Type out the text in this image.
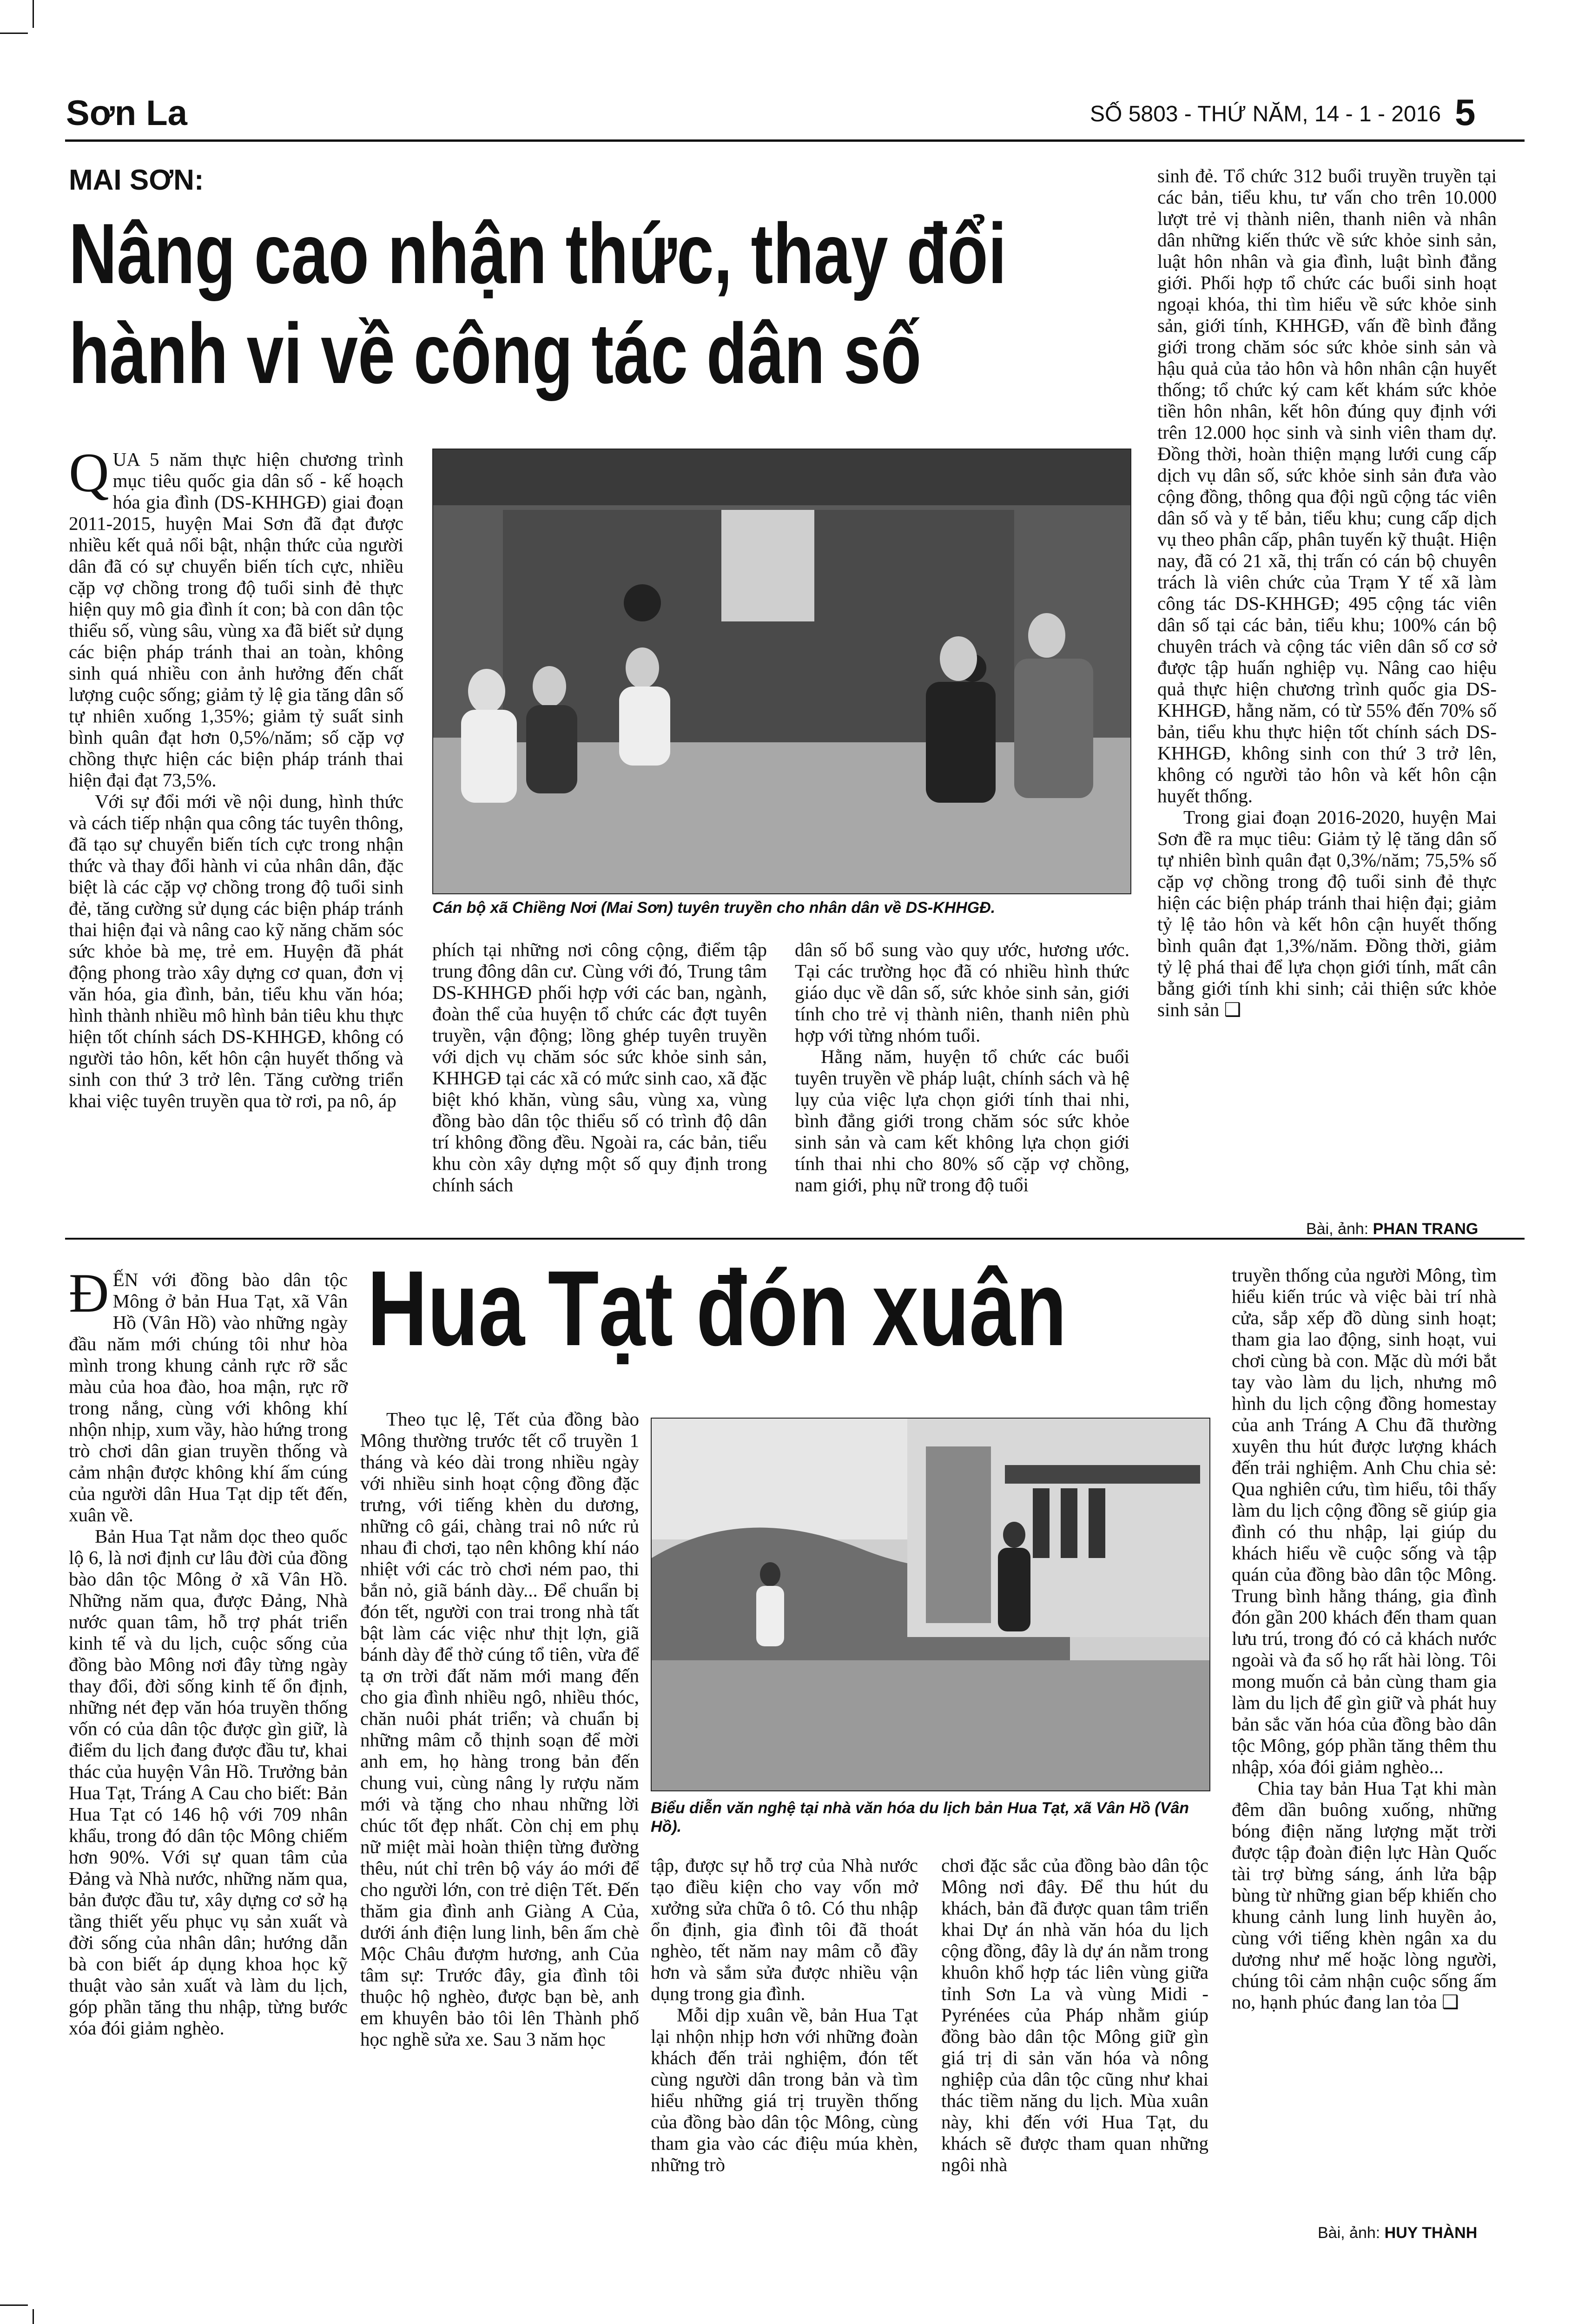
Sơn La	SỐ 5803 - THỨ NĂM, 14 - 1 - 2016 5
MAI SƠN:
Nâng cao nhận thức, thay đổi
hành vi về công tác dân số

QUA 5 năm thực hiện chương trình mục tiêu quốc gia dân số - kế hoạch hóa gia đình (DS-KHHGĐ) giai đoạn 2011-2015, huyện Mai Sơn đã đạt được nhiều kết quả nổi bật, nhận thức của người dân đã có sự chuyển biến tích cực, nhiều cặp vợ chồng trong độ tuổi sinh đẻ thực hiện quy mô gia đình ít con; bà con dân tộc thiểu số, vùng sâu, vùng xa đã biết sử dụng các biện pháp tránh thai an toàn, không sinh quá nhiều con ảnh hưởng đến chất lượng cuộc sống; giảm tỷ lệ gia tăng dân số tự nhiên xuống 1,35%; giảm tỷ suất sinh bình quân đạt hơn 0,5%/năm; số cặp vợ chồng thực hiện các biện pháp tránh thai hiện đại đạt 73,5%.

Với sự đổi mới về nội dung, hình thức và cách tiếp nhận qua công tác tuyên thông, đã tạo sự chuyển biến tích cực trong nhận thức và thay đổi hành vi của nhân dân, đặc biệt là các cặp vợ chồng trong độ tuổi sinh đẻ, tăng cường sử dụng các biện pháp tránh thai hiện đại và nâng cao kỹ năng chăm sóc sức khỏe bà mẹ, trẻ em. Huyện đã phát động phong trào xây dựng cơ quan, đơn vị văn hóa, gia đình, bản, tiểu khu văn hóa; hình thành nhiều mô hình bản tiêu khu thực hiện tốt chính sách DS-KHHGĐ, không có người tảo hôn, kết hôn cận huyết thống và sinh con thứ 3 trở lên. Tăng cường triển khai việc tuyên truyền qua tờ rơi, pa nô, áp

Cán bộ xã Chiềng Nơi (Mai Sơn) tuyên truyền cho nhân dân về DS-KHHGĐ.

phích tại những nơi công cộng, điểm tập trung đông dân cư. Cùng với đó, Trung tâm DS-KHHGĐ phối hợp với các ban, ngành, đoàn thể của huyện tổ chức các đợt tuyên truyền, vận động; lồng ghép tuyên truyền với dịch vụ chăm sóc sức khỏe sinh sản, KHHGĐ tại các xã có mức sinh cao, xã đặc biệt khó khăn, vùng sâu, vùng xa, vùng đồng bào dân tộc thiểu số có trình độ dân trí không đồng đều. Ngoài ra, các bản, tiểu khu còn xây dựng một số quy định trong chính sách

dân số bổ sung vào quy ước, hương ước. Tại các trường học đã có nhiều hình thức giáo dục về dân số, sức khỏe sinh sản, giới tính cho trẻ vị thành niên, thanh niên phù hợp với từng nhóm tuổi.

Hằng năm, huyện tổ chức các buổi tuyên truyền về pháp luật, chính sách và hệ lụy của việc lựa chọn giới tính thai nhi, bình đẳng giới trong chăm sóc sức khỏe sinh sản và cam kết không lựa chọn giới tính thai nhi cho 80% số cặp vợ chồng, nam giới, phụ nữ trong độ tuổi

sinh đẻ. Tổ chức 312 buổi truyền truyền tại các bản, tiểu khu, tư vấn cho trên 10.000 lượt trẻ vị thành niên, thanh niên và nhân dân những kiến thức về sức khỏe sinh sản, luật hôn nhân và gia đình, luật bình đẳng giới. Phối hợp tổ chức các buổi sinh hoạt ngoại khóa, thi tìm hiểu về sức khỏe sinh sản, giới tính, KHHGĐ, vấn đề bình đẳng giới trong chăm sóc sức khỏe sinh sản và hậu quả của tảo hôn và hôn nhân cận huyết thống; tổ chức ký cam kết khám sức khỏe tiền hôn nhân, kết hôn đúng quy định với trên 12.000 học sinh và sinh viên tham dự. Đồng thời, hoàn thiện mạng lưới cung cấp dịch vụ dân số, sức khỏe sinh sản đưa vào cộng đồng, thông qua đội ngũ cộng tác viên dân số và y tế bản, tiểu khu; cung cấp dịch vụ theo phân cấp, phân tuyến kỹ thuật. Hiện nay, đã có 21 xã, thị trấn có cán bộ chuyên trách là viên chức của Trạm Y tế xã làm công tác DS-KHHGĐ; 495 cộng tác viên dân số tại các bản, tiểu khu; 100% cán bộ chuyên trách và cộng tác viên dân số cơ sở được tập huấn nghiệp vụ. Nâng cao hiệu quả thực hiện chương trình quốc gia DS-KHHGĐ, hằng năm, có từ 55% đến 70% số bản, tiểu khu thực hiện tốt chính sách DS-KHHGĐ, không sinh con thứ 3 trở lên, không có người tảo hôn và kết hôn cận huyết thống.

Trong giai đoạn 2016-2020, huyện Mai Sơn đề ra mục tiêu: Giảm tỷ lệ tăng dân số tự nhiên bình quân đạt 0,3%/năm; 75,5% số cặp vợ chồng trong độ tuổi sinh đẻ thực hiện các biện pháp tránh thai hiện đại; giảm tỷ lệ tảo hôn và kết hôn cận huyết thống bình quân đạt 1,3%/năm. Đồng thời, giảm tỷ lệ phá thai để lựa chọn giới tính, mất cân bằng giới tính khi sinh; cải thiện sức khỏe sinh sản ❑

Bài, ảnh: PHAN TRANG
Hua Tạt đón xuân

ĐẾN với đồng bào dân tộc Mông ở bản Hua Tạt, xã Vân Hồ (Vân Hồ) vào những ngày đầu năm mới chúng tôi như hòa mình trong khung cảnh rực rỡ sắc màu của hoa đào, hoa mận, rực rỡ trong nắng, cùng với không khí nhộn nhịp, xum vầy, hào hứng trong trò chơi dân gian truyền thống và cảm nhận được không khí ấm cúng của người dân Hua Tạt dịp tết đến, xuân về.

Bản Hua Tạt nằm dọc theo quốc lộ 6, là nơi định cư lâu đời của đồng bào dân tộc Mông ở xã Vân Hồ. Những năm qua, được Đảng, Nhà nước quan tâm, hỗ trợ phát triển kinh tế và du lịch, cuộc sống của đồng bào Mông nơi đây từng ngày thay đổi, đời sống kinh tế ổn định, những nét đẹp văn hóa truyền thống vốn có của dân tộc được gìn giữ, là điểm du lịch đang được đầu tư, khai thác của huyện Vân Hồ. Trưởng bản Hua Tạt, Tráng A Cau cho biết: Bản Hua Tạt có 146 hộ với 709 nhân khẩu, trong đó dân tộc Mông chiếm hơn 90%. Với sự quan tâm của Đảng và Nhà nước, những năm qua, bản được đầu tư, xây dựng cơ sở hạ tầng thiết yếu phục vụ sản xuất và đời sống của nhân dân; hướng dẫn bà con biết áp dụng khoa học kỹ thuật vào sản xuất và làm du lịch, góp phần tăng thu nhập, từng bước xóa đói giảm nghèo.

Theo tục lệ, Tết của đồng bào Mông thường trước tết cổ truyền 1 tháng và kéo dài trong nhiều ngày với nhiều sinh hoạt cộng đồng đặc trưng, với tiếng khèn du dương, những cô gái, chàng trai nô nức rủ nhau đi chơi, tạo nên không khí náo nhiệt với các trò chơi ném pao, thi bắn nỏ, giã bánh dày... Để chuẩn bị đón tết, người con trai trong nhà tất bật làm các việc như thịt lợn, giã bánh dày để thờ cúng tổ tiên, vừa để tạ ơn trời đất năm mới mang đến cho gia đình nhiều ngô, nhiều thóc, chăn nuôi phát triển; và chuẩn bị những mâm cỗ thịnh soạn để mời anh em, họ hàng trong bản đến chung vui, cùng nâng ly rượu năm mới và tặng cho nhau những lời chúc tốt đẹp nhất. Còn chị em phụ nữ miệt mài hoàn thiện từng đường thêu, nút chỉ trên bộ váy áo mới để cho người lớn, con trẻ diện Tết. Đến thăm gia đình anh Giàng A Của, dưới ánh điện lung linh, bên ấm chè Mộc Châu đượm hương, anh Của tâm sự: Trước đây, gia đình tôi thuộc hộ nghèo, được bạn bè, anh em khuyên bảo tôi lên Thành phố học nghề sửa xe. Sau 3 năm học

Biểu diễn văn nghệ tại nhà văn hóa du lịch bản Hua Tạt, xã Vân Hồ (Vân Hồ).

tập, được sự hỗ trợ của Nhà nước tạo điều kiện cho vay vốn mở xưởng sửa chữa ô tô. Có thu nhập ổn định, gia đình tôi đã thoát nghèo, tết năm nay mâm cỗ đầy hơn và sắm sửa được nhiều vận dụng trong gia đình.

Mỗi dịp xuân về, bản Hua Tạt lại nhộn nhịp hơn với những đoàn khách đến trải nghiệm, đón tết cùng người dân trong bản và tìm hiểu những giá trị truyền thống của đồng bào dân tộc Mông, cùng tham gia vào các điệu múa khèn, những trò

chơi đặc sắc của đồng bào dân tộc Mông nơi đây. Để thu hút du khách, bản đã được quan tâm triển khai Dự án nhà văn hóa du lịch cộng đồng, đây là dự án nằm trong khuôn khổ hợp tác liên vùng giữa tỉnh Sơn La và vùng Midi - Pyrénées của Pháp nhằm giúp đồng bào dân tộc Mông giữ gìn giá trị di sản văn hóa và nông nghiệp của dân tộc cũng như khai thác tiềm năng du lịch. Mùa xuân này, khi đến với Hua Tạt, du khách sẽ được tham quan những ngôi nhà

truyền thống của người Mông, tìm hiểu kiến trúc và việc bài trí nhà cửa, sắp xếp đồ dùng sinh hoạt; tham gia lao động, sinh hoạt, vui chơi cùng bà con. Mặc dù mới bắt tay vào làm du lịch, nhưng mô hình du lịch cộng đồng homestay của anh Tráng A Chu đã thường xuyên thu hút được lượng khách đến trải nghiệm. Anh Chu chia sẻ: Qua nghiên cứu, tìm hiểu, tôi thấy làm du lịch cộng đồng sẽ giúp gia đình có thu nhập, lại giúp du khách hiểu về cuộc sống và tập quán của đồng bào dân tộc Mông. Trung bình hằng tháng, gia đình đón gần 200 khách đến tham quan lưu trú, trong đó có cả khách nước ngoài và đa số họ rất hài lòng. Tôi mong muốn cả bản cùng tham gia làm du lịch để gìn giữ và phát huy bản sắc văn hóa của đồng bào dân tộc Mông, góp phần tăng thêm thu nhập, xóa đói giảm nghèo...

Chia tay bản Hua Tạt khi màn đêm dần buông xuống, những bóng điện năng lượng mặt trời được tập đoàn điện lực Hàn Quốc tài trợ bừng sáng, ánh lửa bập bùng từ những gian bếp khiến cho khung cảnh lung linh huyền ảo, cùng với tiếng khèn ngân xa du dương như mế hoặc lòng người, chúng tôi cảm nhận cuộc sống ấm no, hạnh phúc đang lan tỏa ❑

Bài, ảnh: HUY THÀNH
